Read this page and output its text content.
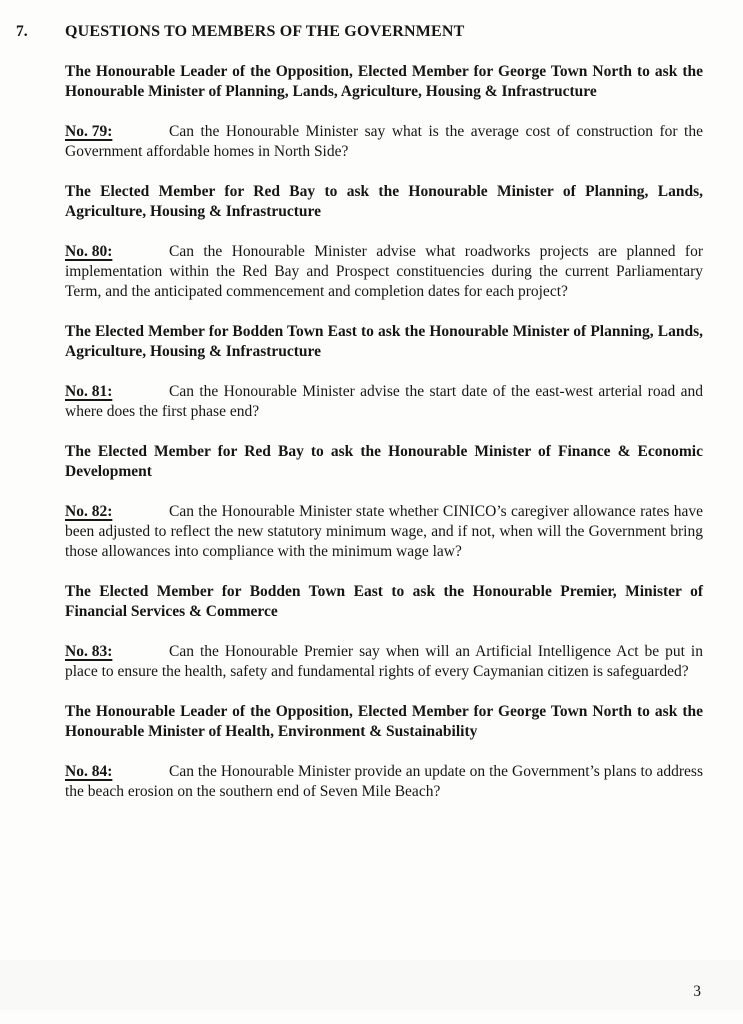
7. QUESTIONS TO MEMBERS OF THE GOVERNMENT

The Honourable Leader of the Opposition, Elected Member for George Town North to ask the Honourable Minister of Planning, Lands, Agriculture, Housing & Infrastructure

No. 79:	Can the Honourable Minister say what is the average cost of construction for the Government affordable homes in North Side?

The Elected Member for Red Bay to ask the Honourable Minister of Planning, Lands, Agriculture, Housing & Infrastructure

No. 80:	Can the Honourable Minister advise what roadworks projects are planned for implementation within the Red Bay and Prospect constituencies during the current Parliamentary Term, and the anticipated commencement and completion dates for each project?

The Elected Member for Bodden Town East to ask the Honourable Minister of Planning, Lands, Agriculture, Housing & Infrastructure

No. 81:	Can the Honourable Minister advise the start date of the east-west arterial road and where does the first phase end?

The Elected Member for Red Bay to ask the Honourable Minister of Finance & Economic Development

No. 82:	Can the Honourable Minister state whether CINICO’s caregiver allowance rates have been adjusted to reflect the new statutory minimum wage, and if not, when will the Government bring those allowances into compliance with the minimum wage law?

The Elected Member for Bodden Town East to ask the Honourable Premier, Minister of Financial Services & Commerce

No. 83:	Can the Honourable Premier say when will an Artificial Intelligence Act be put in place to ensure the health, safety and fundamental rights of every Caymanian citizen is safeguarded?

The Honourable Leader of the Opposition, Elected Member for George Town North to ask the Honourable Minister of Health, Environment & Sustainability

No. 84:	Can the Honourable Minister provide an update on the Government’s plans to address the beach erosion on the southern end of Seven Mile Beach?

3
